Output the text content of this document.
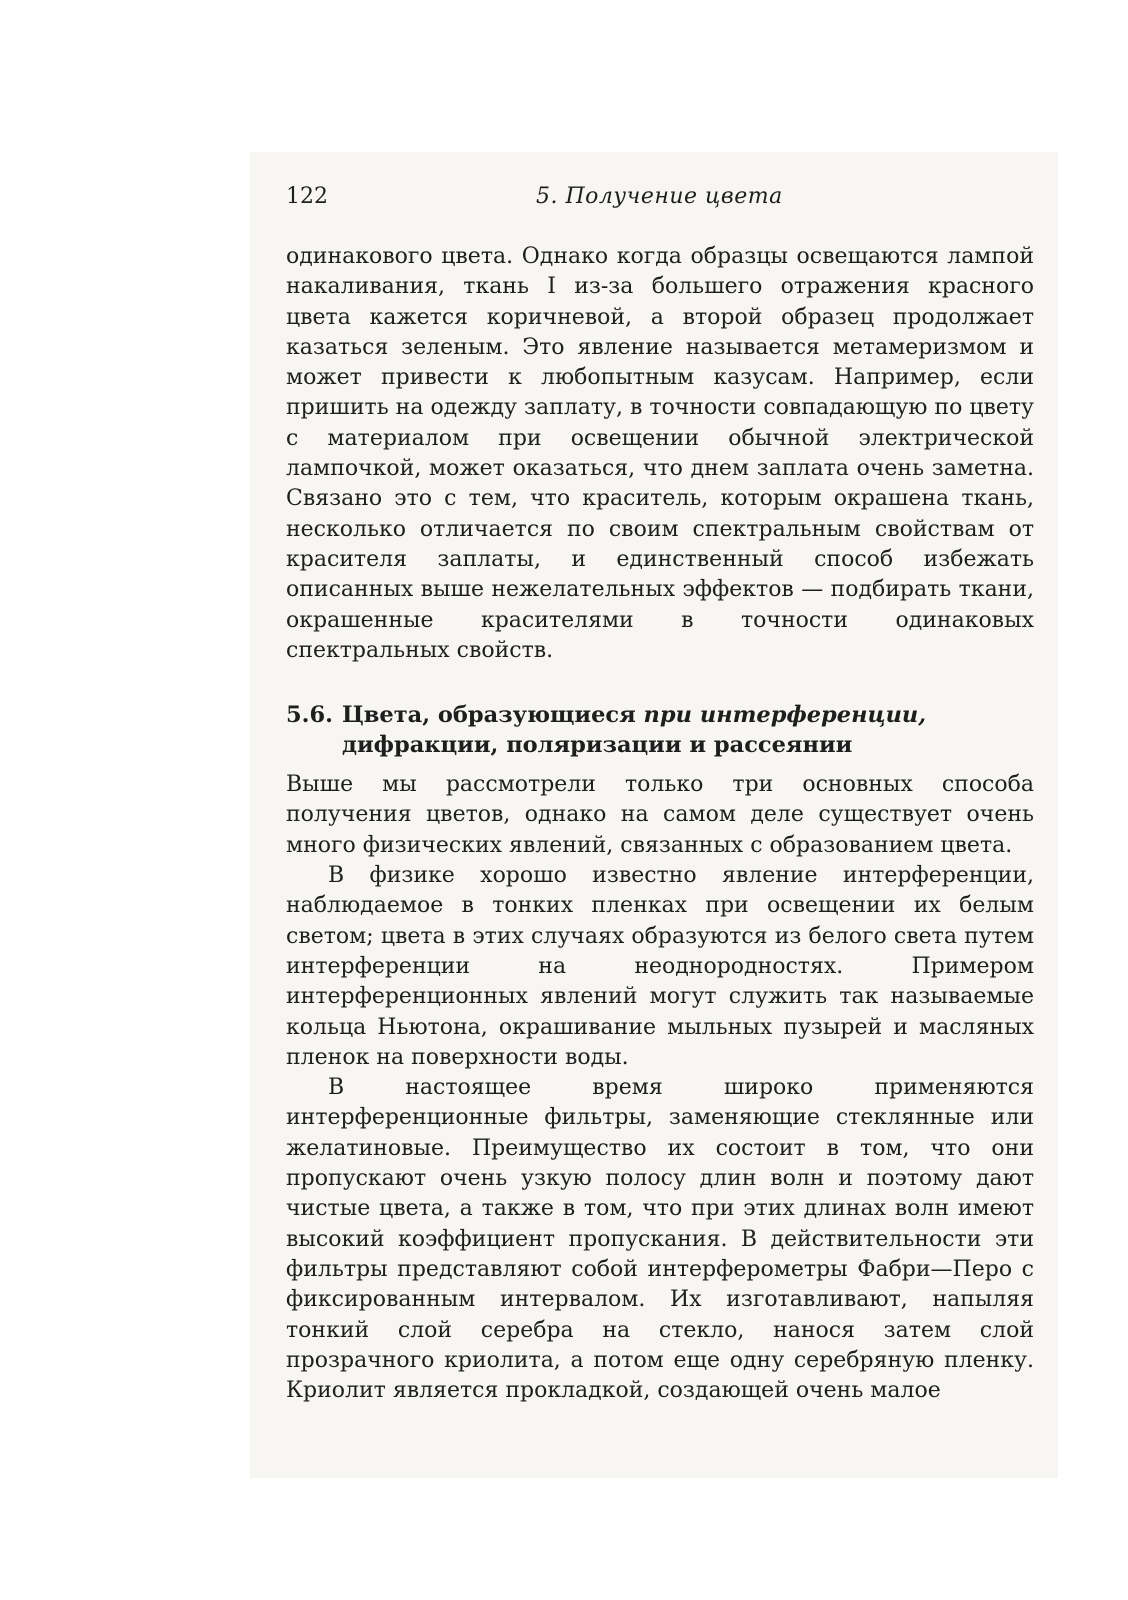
122	5. Получение цвета

одинакового цвета. Однако когда образцы освещаются лампой накаливания, ткань I из-за большего отражения красного цвета кажется коричневой, а второй образец продолжает казаться зеленым. Это явление называется метамеризмом и может привести к любопытным казусам. Например, если пришить на одежду заплату, в точности совпадающую по цвету с материалом при освещении обычной электрической лампочкой, может оказаться, что днем заплата очень заметна. Связано это с тем, что краситель, которым окрашена ткань, несколько отличается по своим спектральным свойствам от красителя заплаты, и единственный способ избежать описанных выше нежелательных эффектов — подбирать ткани, окрашенные красителями в точности одинаковых спектральных свойств.

5.6. Цвета, образующиеся при интерференции,
дифракции, поляризации и рассеянии

Выше мы рассмотрели только три основных способа получения цветов, однако на самом деле существует очень много физических явлений, связанных с образованием цвета.

В физике хорошо известно явление интерференции, наблюдаемое в тонких пленках при освещении их белым светом; цвета в этих случаях образуются из белого света путем интерференции на неоднородностях. Примером интерференционных явлений могут служить так называемые кольца Ньютона, окрашивание мыльных пузырей и масляных пленок на поверхности воды.

В настоящее время широко применяются интерференционные фильтры, заменяющие стеклянные или желатиновые. Преимущество их состоит в том, что они пропускают очень узкую полосу длин волн и поэтому дают чистые цвета, а также в том, что при этих длинах волн имеют высокий коэффициент пропускания. В действительности эти фильтры представляют собой интерферометры Фабри—Перо с фиксированным интервалом. Их изготавливают, напыляя тонкий слой серебра на стекло, нанося затем слой прозрачного криолита, а потом еще одну серебряную пленку. Криолит является прокладкой, создающей очень малое
